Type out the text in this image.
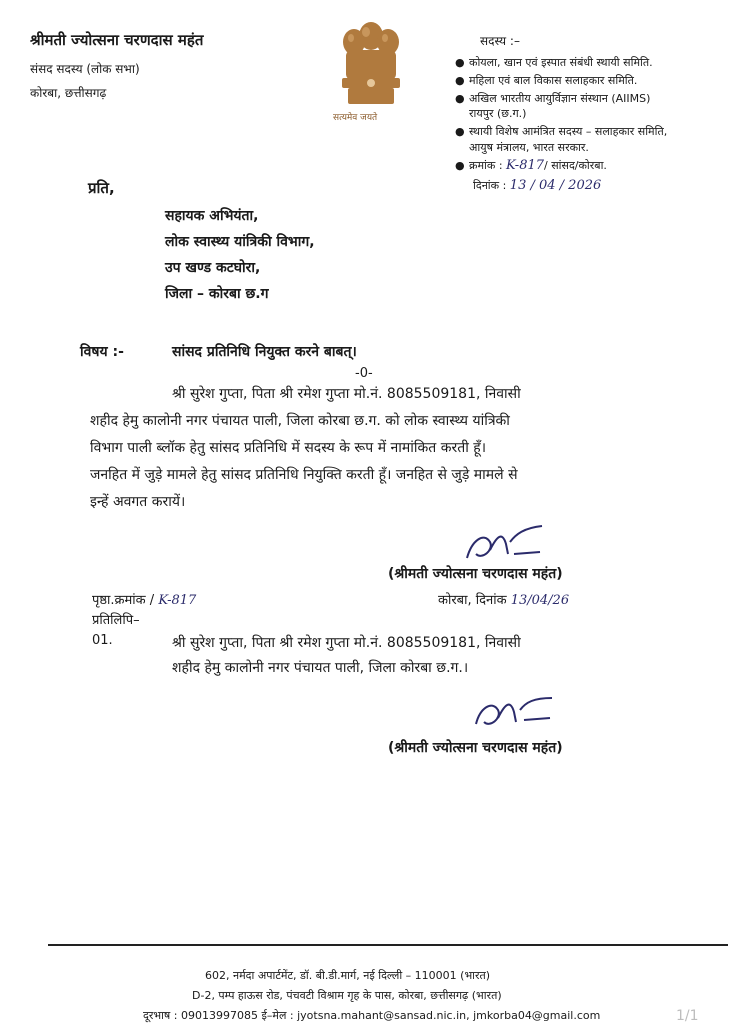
श्रीमती ज्योत्सना चरणदास महंत
संसद सदस्य (लोक सभा)
कोरबा, छत्तीसगढ़
सत्यमेव जयते
सदस्य :–
● कोयला, खान एवं इस्पात संबंधी स्थायी समिति.
● महिला एवं बाल विकास सलाहकार समिति.
● अखिल भारतीय आयुर्विज्ञान संस्थान (AIIMS)
रायपुर (छ.ग.)
● स्थायी विशेष आमंत्रित सदस्य – सलाहकार समिति,
आयुष मंत्रालय, भारत सरकार.
● क्रमांक : K-817/ सांसद/कोरबा.
दिनांक : 13 / 04 / 2026
प्रति,
सहायक अभियंता,
लोक स्वास्थ्य यांत्रिकी विभाग,
उप खण्ड कटघोरा,
जिला – कोरबा छ.ग
विषय :-	सांसद प्रतिनिधि नियुक्त करने बाबत्।
-0-
श्री सुरेश गुप्ता, पिता श्री रमेश गुप्ता मो.नं. 8085509181, निवासी
शहीद हेमु कालोनी नगर पंचायत पाली, जिला कोरबा छ.ग. को लोक स्वास्थ्य यांत्रिकी
विभाग पाली ब्लॉक हेतु सांसद प्रतिनिधि में सदस्य के रूप में नामांकित करती हूँ।
जनहित में जुड़े मामले हेतु सांसद प्रतिनिधि नियुक्ति करती हूँ। जनहित से जुड़े मामले से
इन्हें अवगत करायें।
(श्रीमती ज्योत्सना चरणदास महंत)
पृष्ठा.क्रमांक / K-817	कोरबा, दिनांक 13/04/26
प्रतिलिपि–
01.	श्री सुरेश गुप्ता, पिता श्री रमेश गुप्ता मो.नं. 8085509181, निवासी
शहीद हेमु कालोनी नगर पंचायत पाली, जिला कोरबा छ.ग.।
(श्रीमती ज्योत्सना चरणदास महंत)
602, नर्मदा अपार्टमेंट, डॉ. बी.डी.मार्ग, नई दिल्ली – 110001 (भारत)
D-2, पम्प हाऊस रोड, पंचवटी विश्राम गृह के पास, कोरबा, छत्तीसगढ़ (भारत)
दूरभाष : 09013997085 ई–मेल : jyotsna.mahant@sansad.nic.in, jmkorba04@gmail.com	1/1
